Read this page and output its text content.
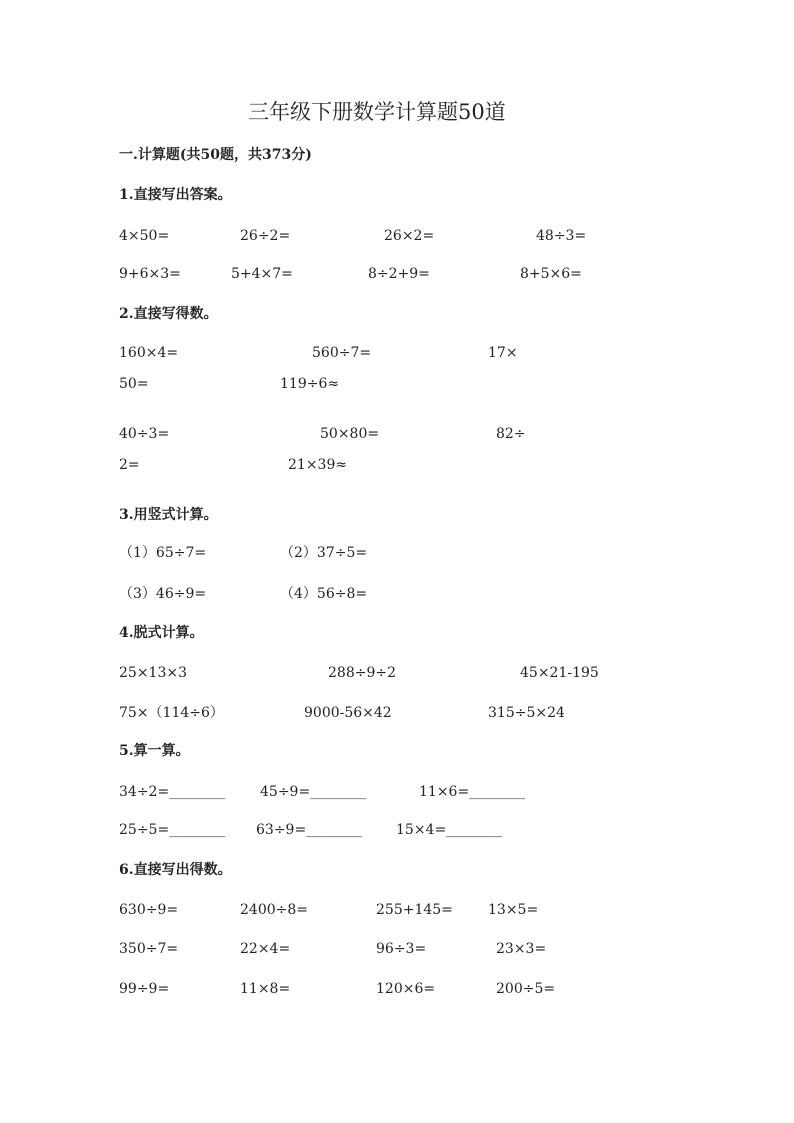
三年级下册数学计算题50道
一.计算题(共50题，共373分)
1.直接写出答案。
4×50=	26÷2=	26×2=	48÷3=
9+6×3=	5+4×7=	8÷2+9=	8+5×6=
2.直接写得数。
160×4=	560÷7=	17×
50=	119÷6≈
40÷3=	50×80=	82÷
2=	21×39≈
3.用竖式计算。
（1）65÷7=	（2）37÷5=
（3）46÷9=	（4）56÷8=
4.脱式计算。
25×13×3	288÷9÷2	45×21-195
75×（114÷6）	9000-56×42	315÷5×24
5.算一算。
34÷2=________ 45÷9=________	11×6=________
25÷5=________ 63÷9=________ 15×4=________
6.直接写出得数。
630÷9=	2400÷8=	255+145=	13×5=
350÷7=	22×4=	96÷3=	23×3=
99÷9=	11×8=	120×6=	200÷5=
